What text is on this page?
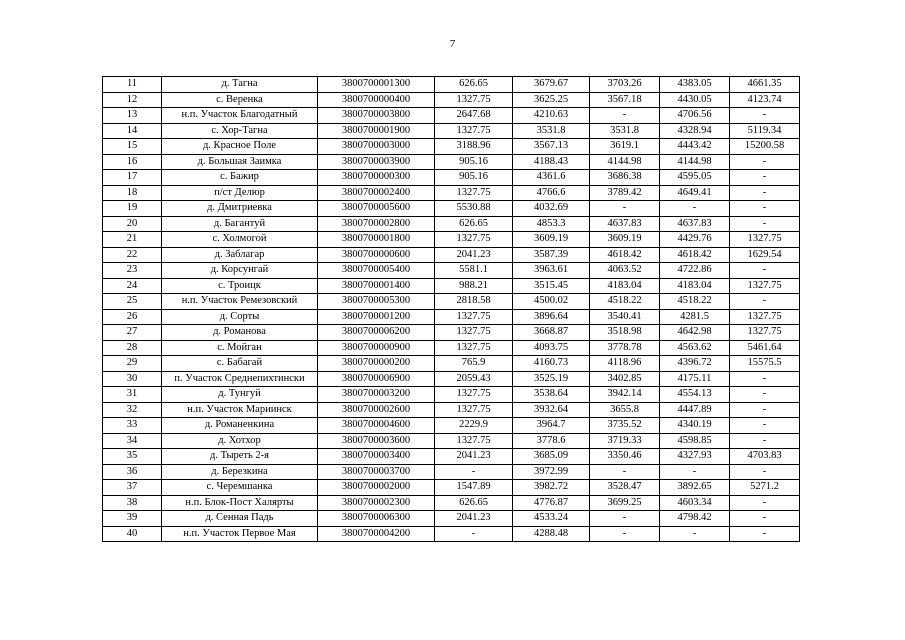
7
11	д. Тагна	3800700001300	626.65	3679.67	3703.26	4383.05	4661.35
12	с. Веренка	3800700000400	1327.75	3625.25	3567.18	4430.05	4123.74
13	н.п. Участок Благодатный	3800700003800	2647.68	4210.63	-	4706.56	-
14	с. Хор-Тагна	3800700001900	1327.75	3531.8	3531.8	4328.94	5119.34
15	д. Красное Поле	3800700003000	3188.96	3567.13	3619.1	4443.42	15200.58
16	д. Большая Заимка	3800700003900	905.16	4188.43	4144.98	4144.98	-
17	с. Бажир	3800700000300	905.16	4361.6	3686.38	4595.05	-
18	п/ст Делюр	3800700002400	1327.75	4766.6	3789.42	4649.41	-
19	д. Дмитриевка	3800700005600	5530.88	4032.69	-	-	-
20	д. Багантуй	3800700002800	626.65	4853.3	4637.83	4637.83	-
21	с. Холмогой	3800700001800	1327.75	3609.19	3609.19	4429.76	1327.75
22	д. Заблагар	3800700000600	2041.23	3587.39	4618.42	4618.42	1629.54
23	д. Корсунгай	3800700005400	5581.1	3963.61	4063.52	4722.86	-
24	с. Троицк	3800700001400	988.21	3515.45	4183.04	4183.04	1327.75
25	н.п. Участок Ремезовский	3800700005300	2818.58	4500.02	4518.22	4518.22	-
26	д. Сорты	3800700001200	1327.75	3896.64	3540.41	4281.5	1327.75
27	д. Романова	3800700006200	1327.75	3668.87	3518.98	4642.98	1327.75
28	с. Мойган	3800700000900	1327.75	4093.75	3778.78	4563.62	5461.64
29	с. Бабагай	3800700000200	765.9	4160.73	4118.96	4396.72	15575.5
30	п. Участок Среднепихтински	3800700006900	2059.43	3525.19	3402.85	4175.11	-
31	д. Тунгуй	3800700003200	1327.75	3538.64	3942.14	4554.13	-
32	н.п. Участок Мариинск	3800700002600	1327.75	3932.64	3655.8	4447.89	-
33	д. Романенкина	3800700004600	2229.9	3964.7	3735.52	4340.19	-
34	д. Хотхор	3800700003600	1327.75	3778.6	3719.33	4598.85	-
35	д. Тыреть 2-я	3800700003400	2041.23	3685.09	3350.46	4327.93	4703.83
36	д. Березкина	3800700003700	-	3972.99	-	-	-
37	с. Черемшанка	3800700002000	1547.89	3982.72	3528.47	3892.65	5271.2
38	н.п. Блок-Пост Халярты	3800700002300	626.65	4776.87	3699.25	4603.34	-
39	д. Сенная Падь	3800700006300	2041.23	4533.24	-	4798.42	-
40	н.п. Участок Первое Мая	3800700004200	-	4288.48	-	-	-
